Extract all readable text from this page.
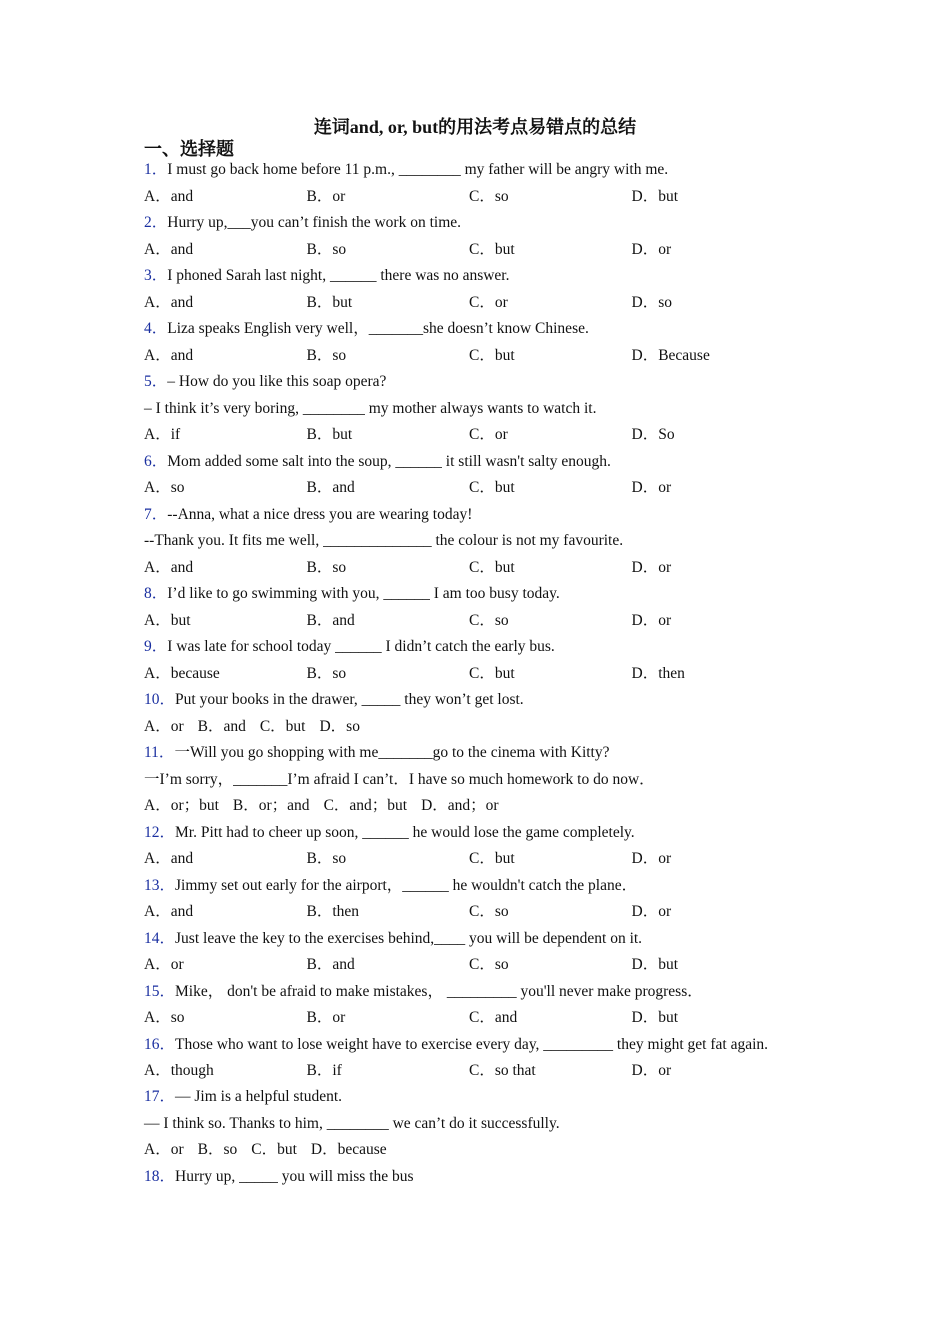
连词and, or, but的用法考点易错点的总结
一、选择题
1．I must go back home before 11 p.m., ________ my father will be angry with me.
A．and	B．or	C．so	D．but
2．Hurry up,___you can’t finish the work on time.
A．and	B．so	C．but	D．or
3．I phoned Sarah last night, ______ there was no answer.
A．and	B．but	C．or	D．so
4．Liza speaks English very well，_______she doesn’t know Chinese.
A．and	B．so	C．but	D．Because
5．– How do you like this soap opera?
– I think it’s very boring, ________ my mother always wants to watch it.
A．if	B．but	C．or	D．So
6．Mom added some salt into the soup, ______ it still wasn't salty enough.
A．so	B．and	C．but	D．or
7．--Anna, what a nice dress you are wearing today!
--Thank you. It fits me well, ______________ the colour is not my favourite.
A．and	B．so	C．but	D．or
8．I’d like to go swimming with you, ______ I am too busy today.
A．but	B．and	C．so	D．or
9．I was late for school today ______ I didn’t catch the early bus.
A．because	B．so	C．but	D．then
10．Put your books in the drawer, _____ they won’t get lost.
A．or B．and C．but D．so
11．一Will you go shopping with me_______go to the cinema with Kitty?
一I’m sorry，_______I’m afraid I can’t．I have so much homework to do now．
A．or；but B．or；and C．and；but D．and；or
12．Mr. Pitt had to cheer up soon, ______ he would lose the game completely.
A．and	B．so	C．but	D．or
13．Jimmy set out early for the airport，______ he wouldn't catch the plane．
A．and	B．then	C．so	D．or
14．Just leave the key to the exercises behind,____ you will be dependent on it.
A．or	B．and	C．so	D．but
15．Mike， don't be afraid to make mistakes， _________ you'll never make progress．
A．so	B．or	C．and	D．but
16．Those who want to lose weight have to exercise every day, _________ they might get fat again.
A．though	B．if	C．so that	D．or
17．— Jim is a helpful student.
— I think so. Thanks to him, ________ we can’t do it successfully.
A．or B．so C．but D．because
18．Hurry up, _____ you will miss the bus
